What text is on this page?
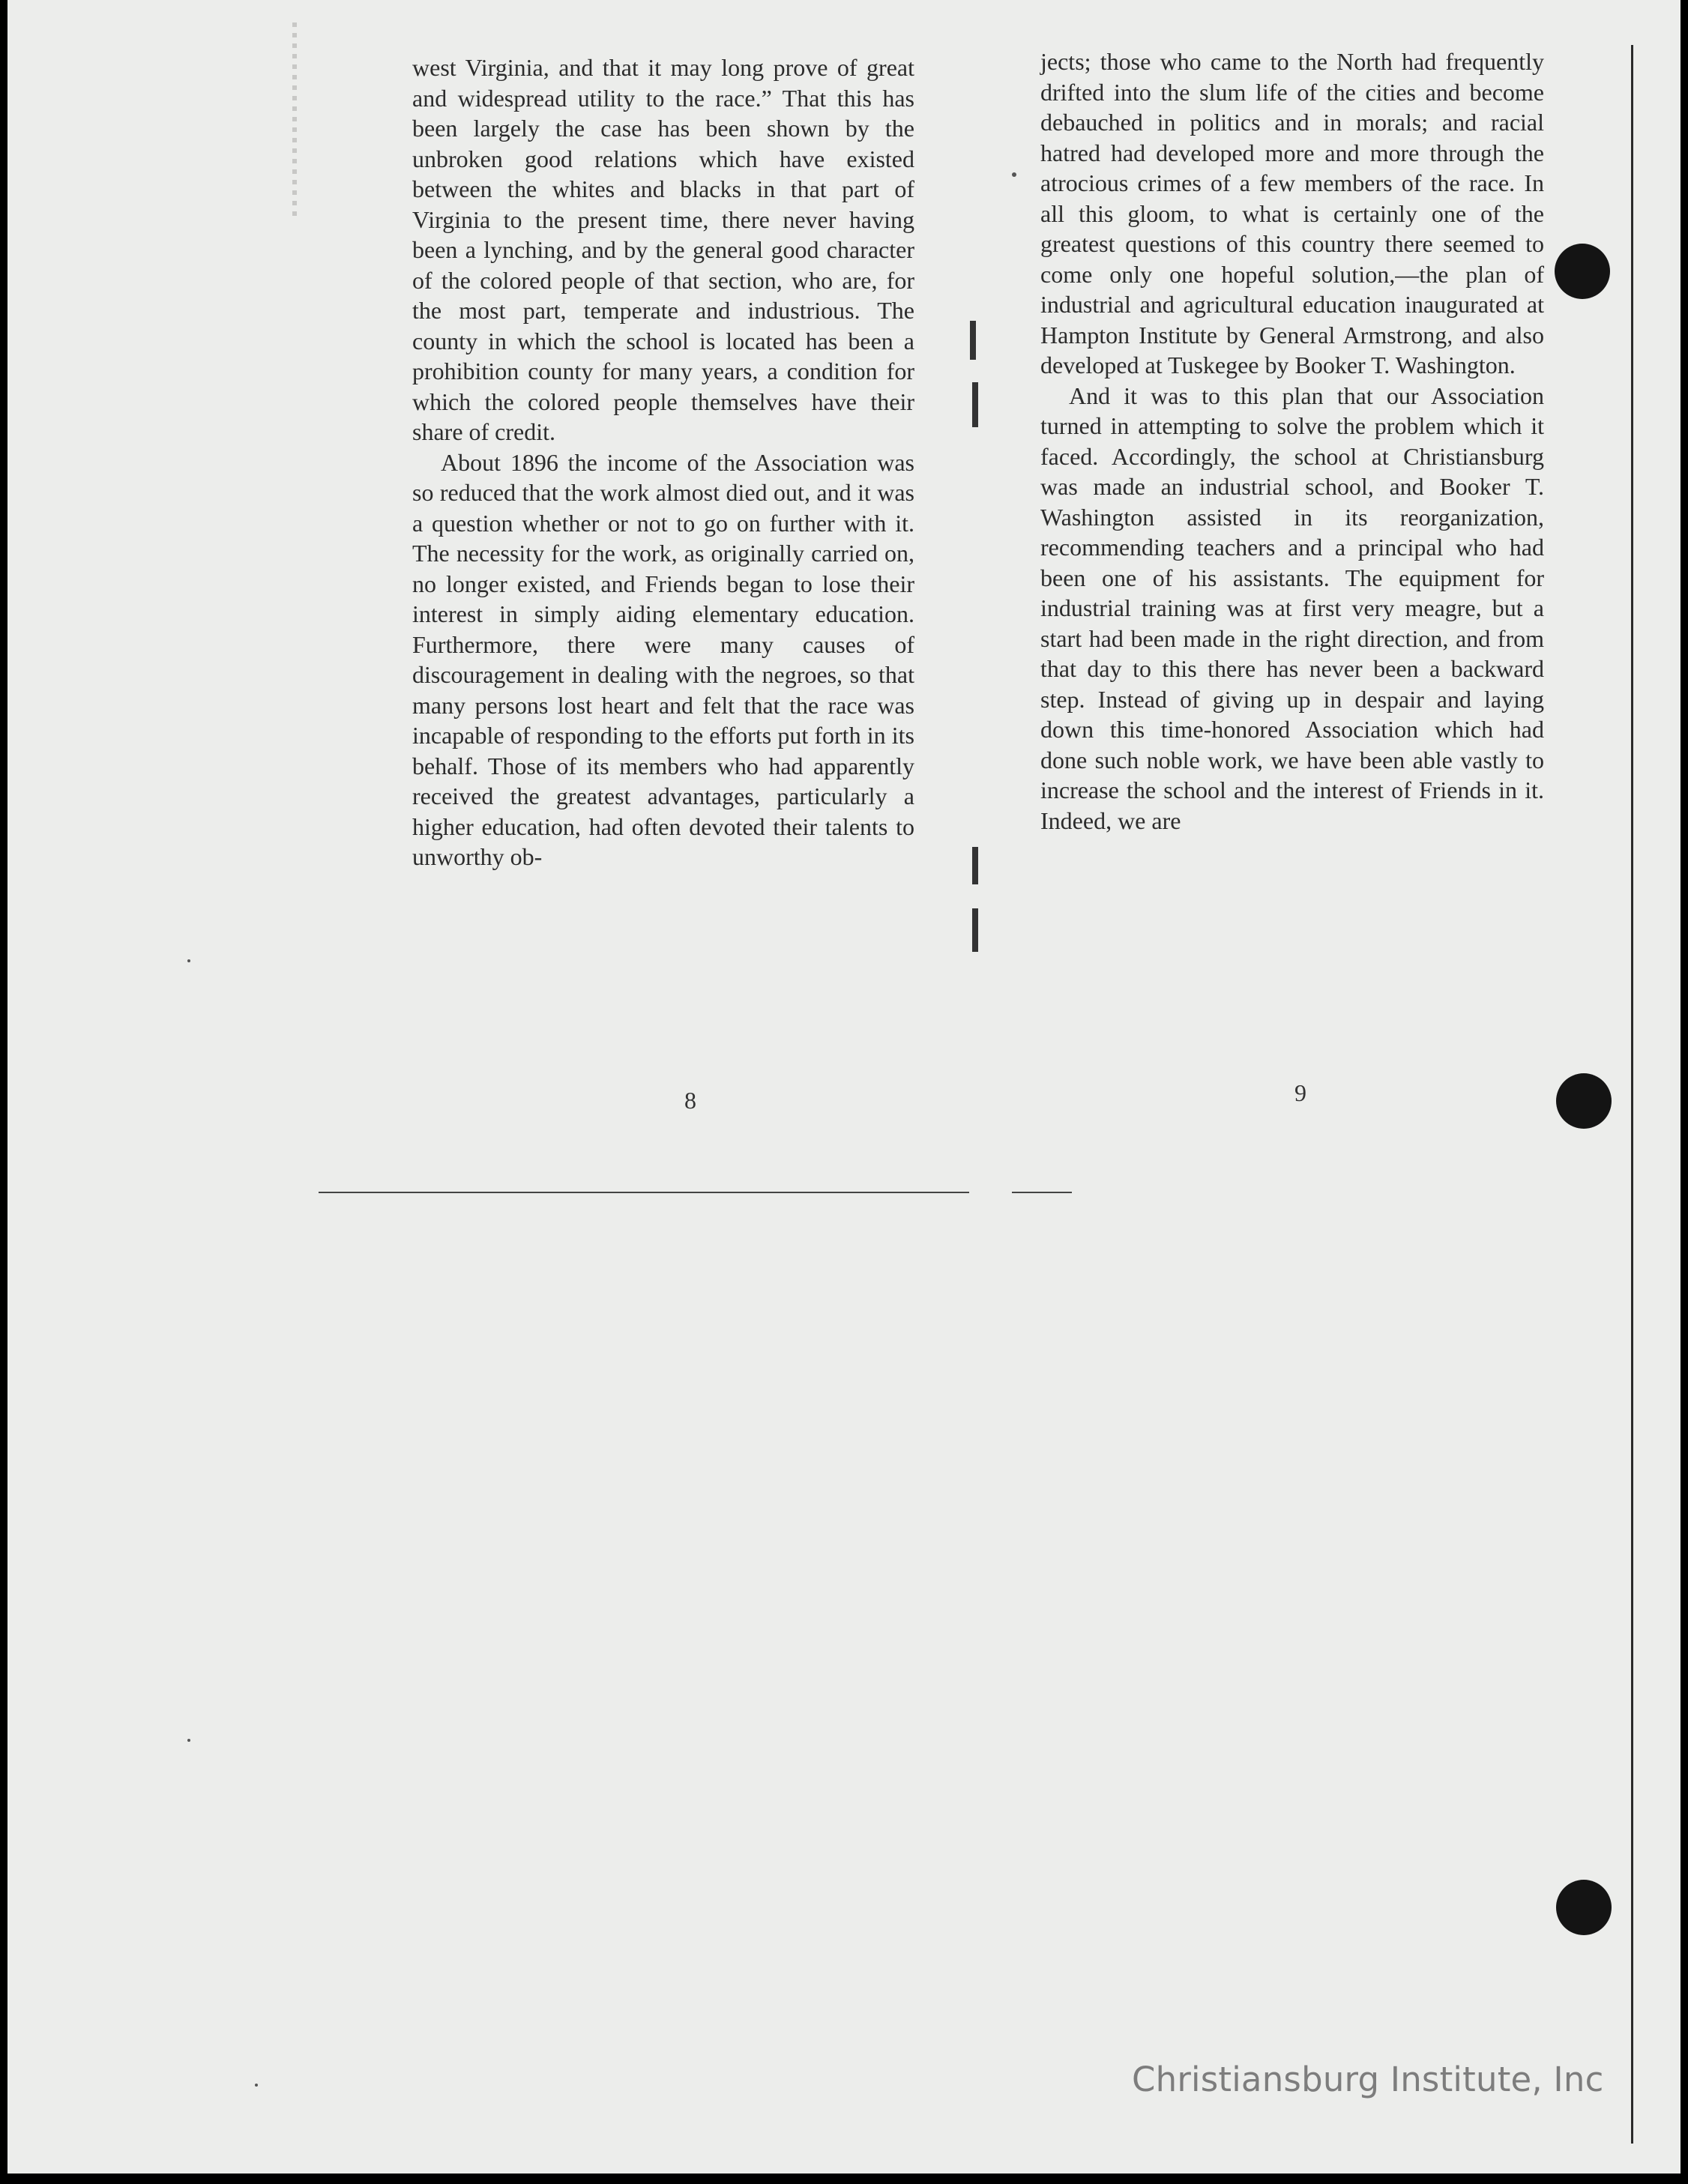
west Virginia, and that it may long prove of great and widespread utility to the race.” That this has been largely the case has been shown by the unbroken good relations which have existed between the whites and blacks in that part of Virginia to the present time, there never having been a lynching, and by the general good character of the colored people of that section, who are, for the most part, temperate and industrious. The county in which the school is located has been a prohibition county for many years, a condition for which the colored people themselves have their share of credit.

About 1896 the income of the Association was so reduced that the work almost died out, and it was a question whether or not to go on further with it. The necessity for the work, as originally carried on, no longer existed, and Friends began to lose their interest in simply aiding elementary education. Furthermore, there were many causes of discouragement in dealing with the negroes, so that many persons lost heart and felt that the race was incapable of responding to the efforts put forth in its behalf. Those of its members who had apparently received the greatest advantages, particularly a higher education, had often devoted their talents to unworthy ob-

jects; those who came to the North had frequently drifted into the slum life of the cities and become debauched in politics and in morals; and racial hatred had developed more and more through the atrocious crimes of a few members of the race. In all this gloom, to what is certainly one of the greatest questions of this country there seemed to come only one hopeful solution,—the plan of industrial and agricultural education inaugurated at Hampton Institute by General Armstrong, and also developed at Tuskegee by Booker T. Washington.

And it was to this plan that our Association turned in attempting to solve the problem which it faced. Accordingly, the school at Christiansburg was made an industrial school, and Booker T. Washington assisted in its reorganization, recommending teachers and a principal who had been one of his assistants. The equipment for industrial training was at first very meagre, but a start had been made in the right direction, and from that day to this there has never been a backward step. Instead of giving up in despair and laying down this time-honored Association which had done such noble work, we have been able vastly to increase the school and the interest of Friends in it. Indeed, we are

8	9
Christiansburg Institute, Inc
